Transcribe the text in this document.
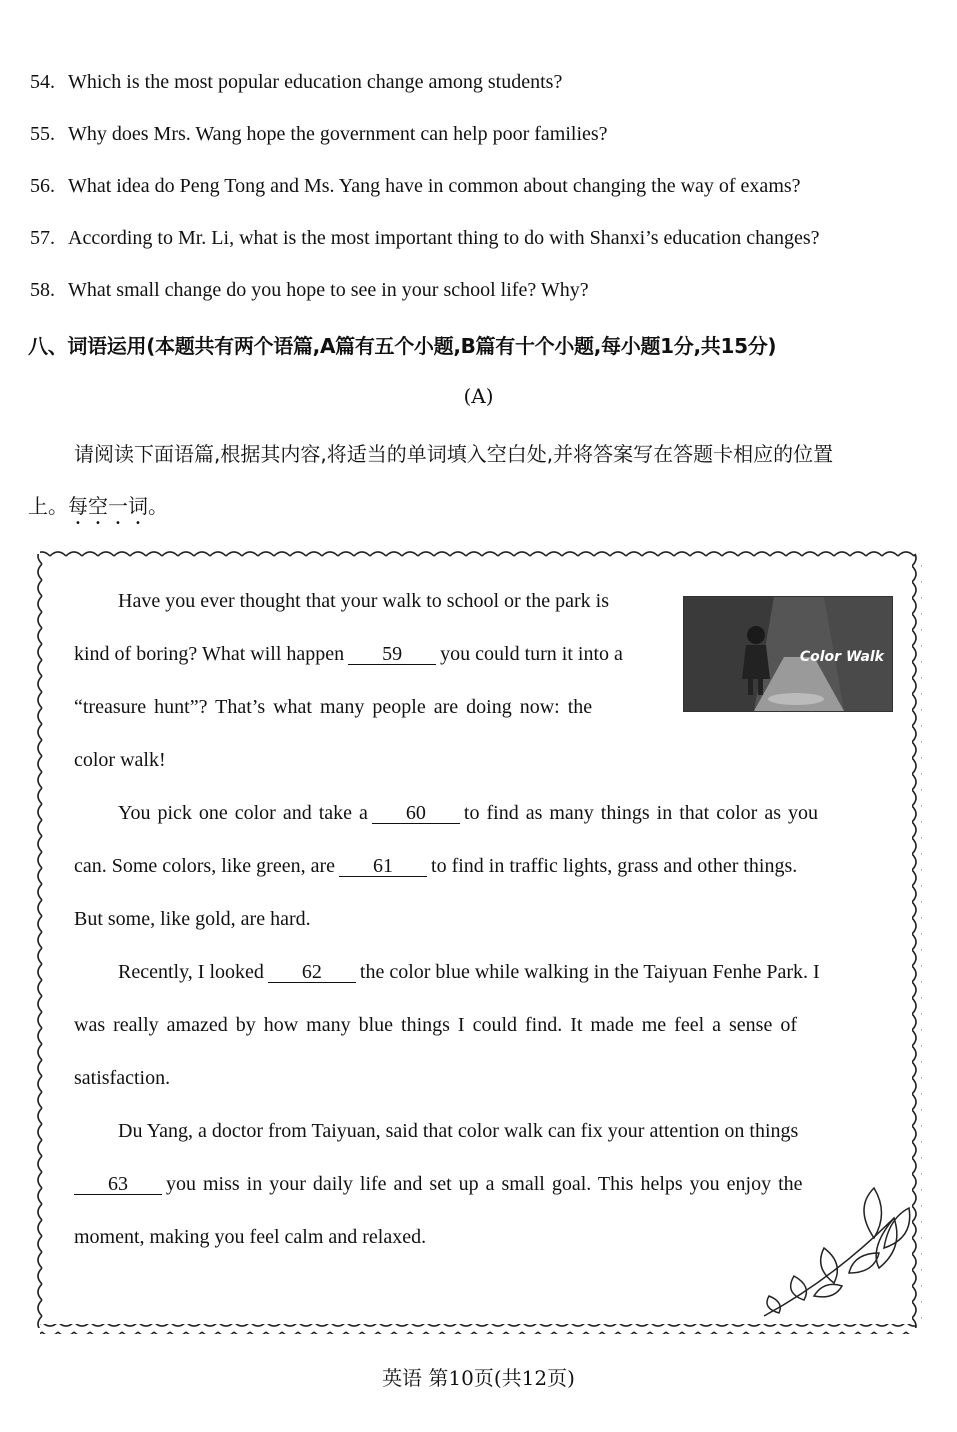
54. Which is the most popular education change among students?
55. Why does Mrs. Wang hope the government can help poor families?
56. What idea do Peng Tong and Ms. Yang have in common about changing the way of exams?
57. According to Mr. Li, what is the most important thing to do with Shanxi’s education changes?
58. What small change do you hope to see in your school life? Why?
八、词语运用(本题共有两个语篇,A篇有五个小题,B篇有十个小题,每小题1分,共15分)
(A)
请阅读下面语篇,根据其内容,将适当的单词填入空白处,并将答案写在答题卡相应的位置
上。每空一词。
Color Walk
Have you ever thought that your walk to school or the park is
kind of boring? What will happen 59 you could turn it into a
“treasure hunt”? That’s what many people are doing now: the
color walk!
You pick one color and take a 60 to find as many things in that color as you
can. Some colors, like green, are 61 to find in traffic lights, grass and other things.
But some, like gold, are hard.
Recently, I looked 62 the color blue while walking in the Taiyuan Fenhe Park. I
was really amazed by how many blue things I could find. It made me feel a sense of
satisfaction.
Du Yang, a doctor from Taiyuan, said that color walk can fix your attention on things
63 you miss in your daily life and set up a small goal. This helps you enjoy the
moment, making you feel calm and relaxed.
英语 第10页(共12页)
